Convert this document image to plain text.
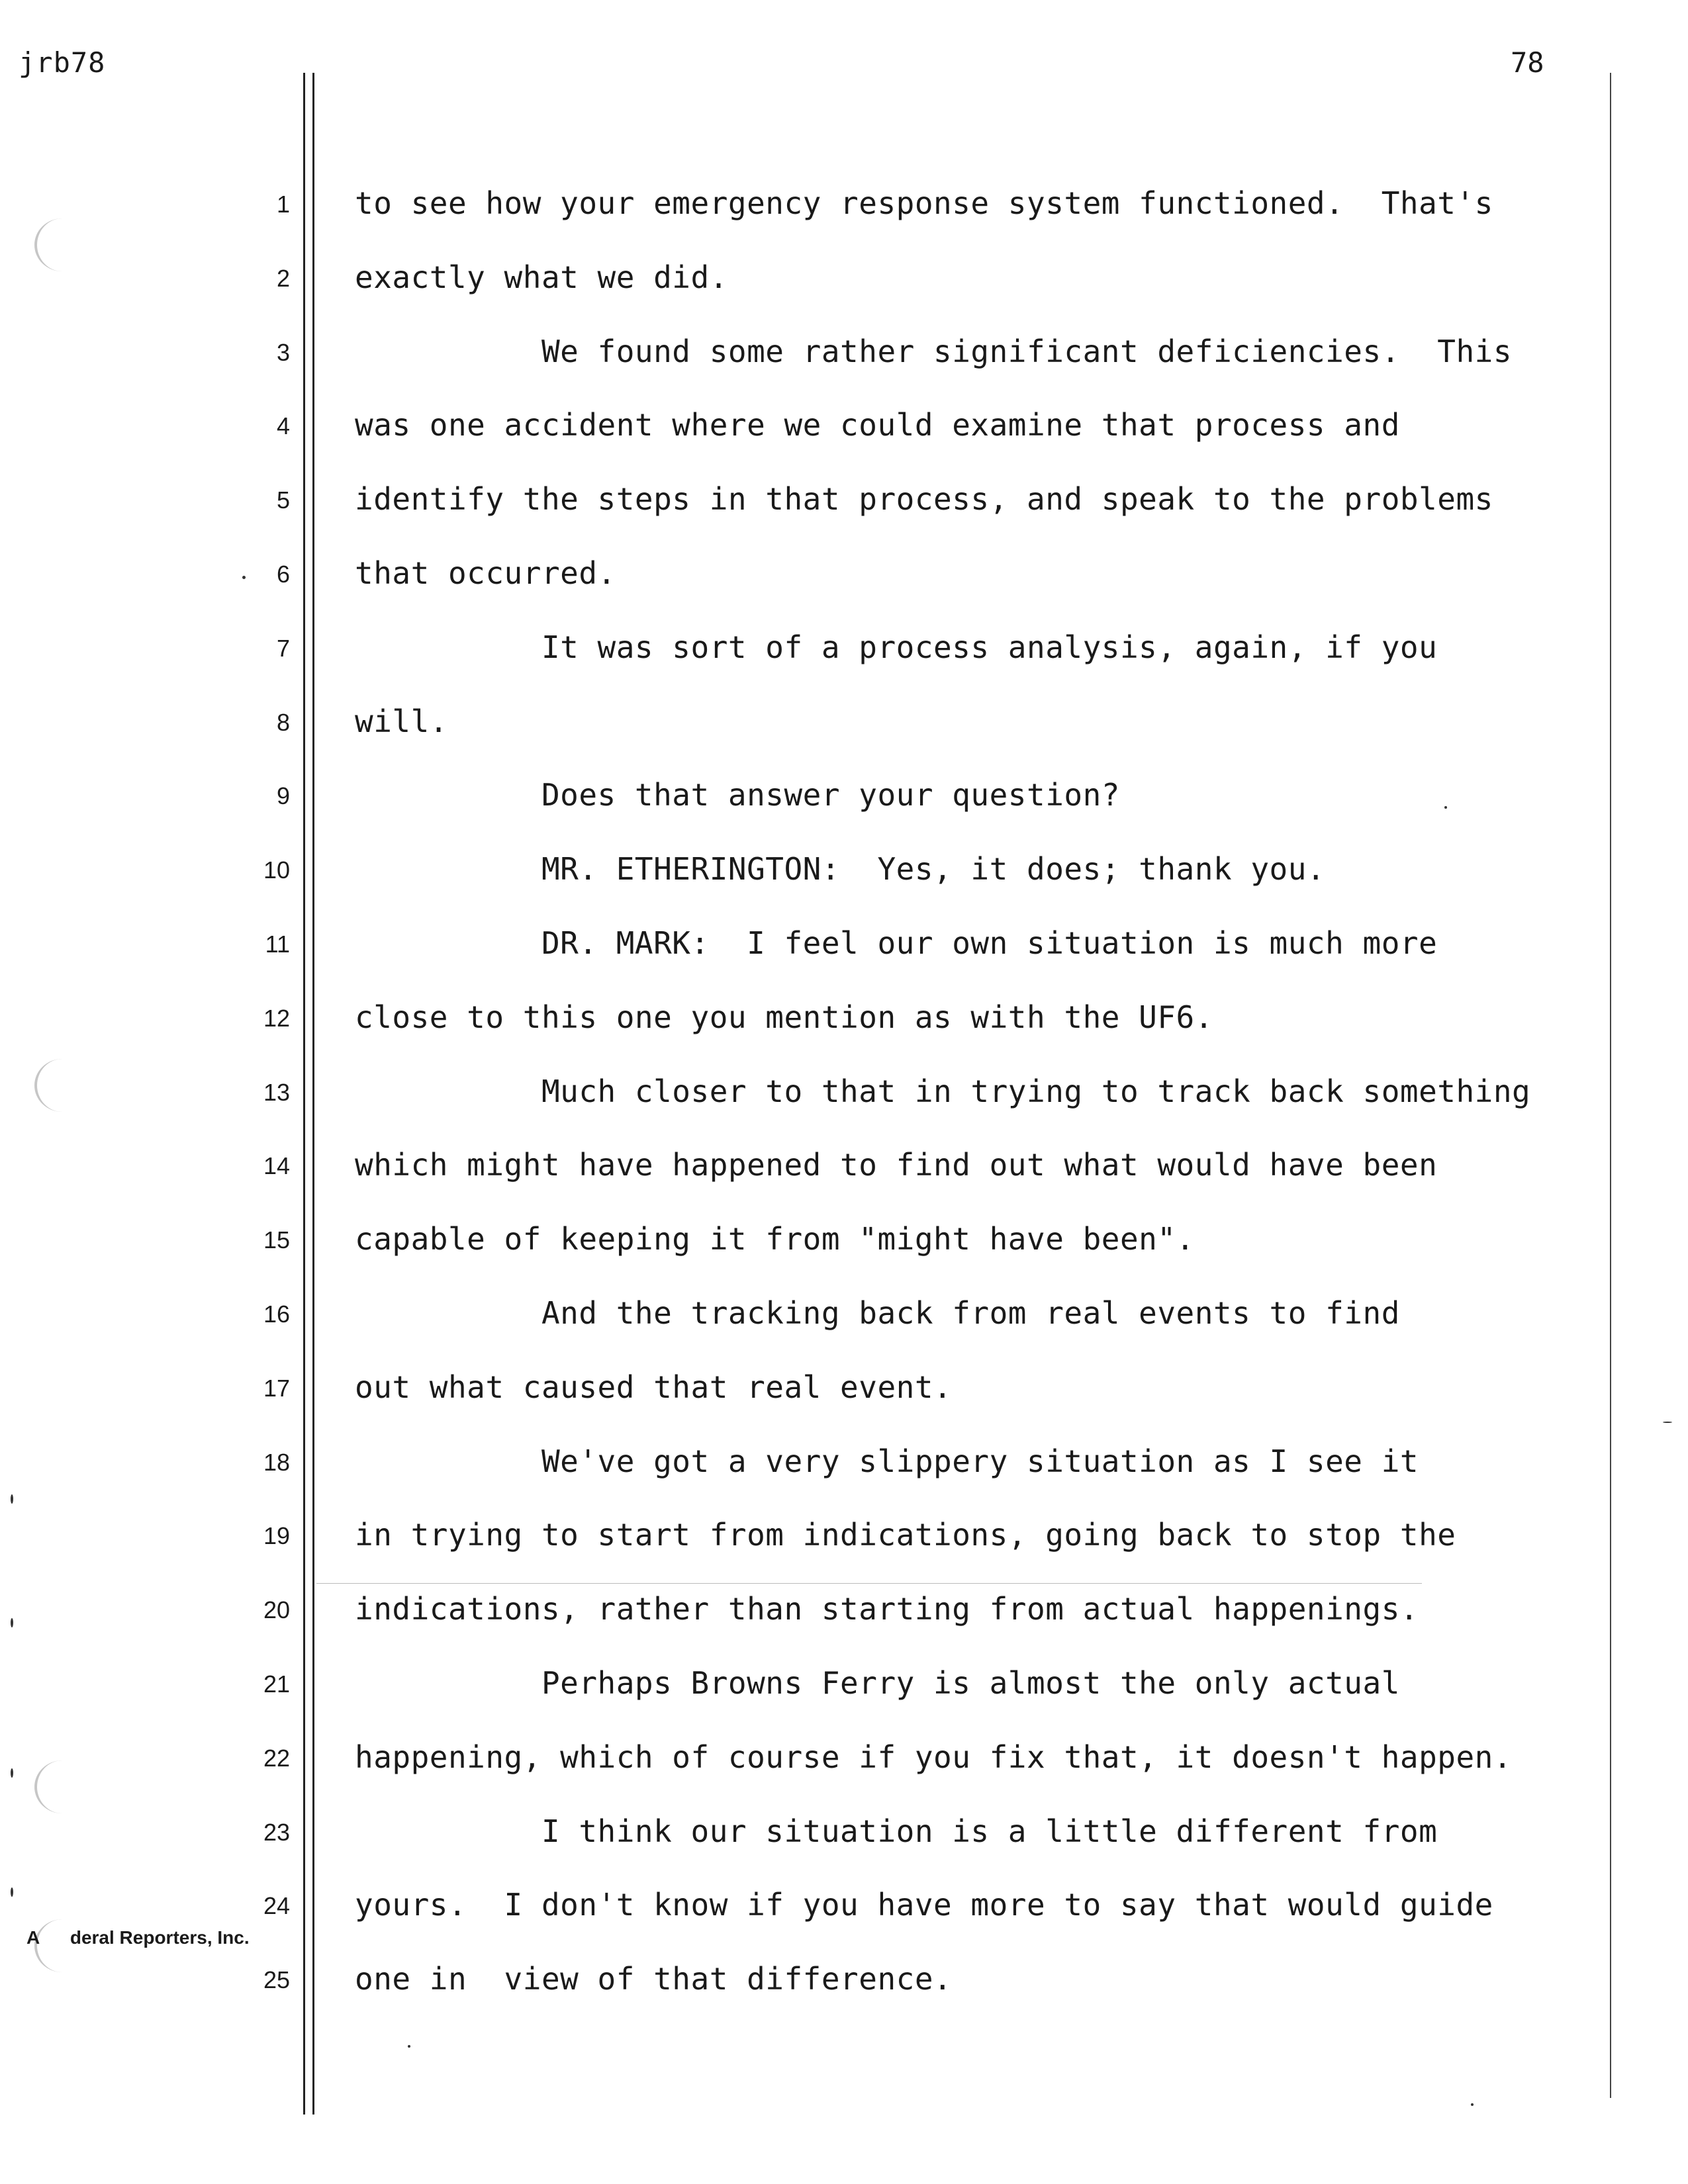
jrb78	78
1
2
3
4
5
6
7
8
9
10
11
12
13
14
15
16
17
18
19
20
21
22
23
24
25
to see how your emergency response system functioned.  That's
exactly what we did.
We found some rather significant deficiencies.  This
was one accident where we could examine that process and
identify the steps in that process, and speak to the problems
that occurred.
It was sort of a process analysis, again, if you
will.
Does that answer your question?
MR. ETHERINGTON:  Yes, it does; thank you.
DR. MARK:  I feel our own situation is much more
close to this one you mention as with the UF6.
Much closer to that in trying to track back something
which might have happened to find out what would have been
capable of keeping it from "might have been".
And the tracking back from real events to find
out what caused that real event.
We've got a very slippery situation as I see it
in trying to start from indications, going back to stop the
indications, rather than starting from actual happenings.
Perhaps Browns Ferry is almost the only actual
happening, which of course if you fix that, it doesn't happen.
I think our situation is a little different from
yours.  I don't know if you have more to say that would guide
one in  view of that difference.
A      deral Reporters, Inc.
